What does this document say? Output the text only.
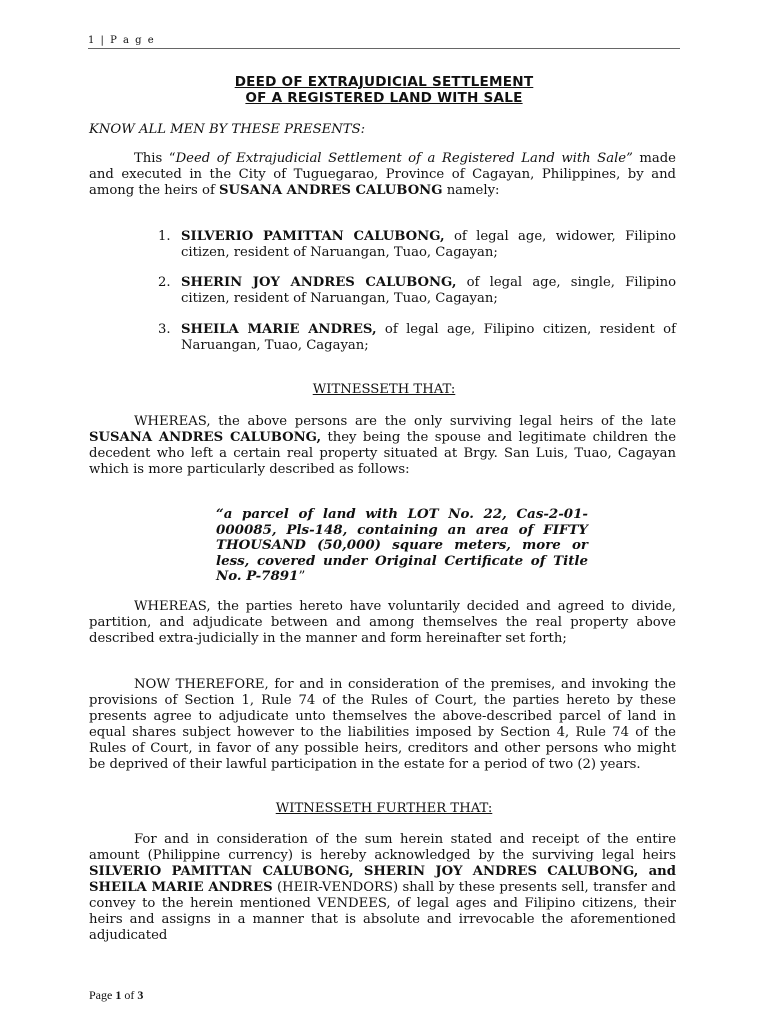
1 | P a g e
DEED OF EXTRAJUDICIAL SETTLEMENT
OF A REGISTERED LAND WITH SALE
KNOW ALL MEN BY THESE PRESENTS:
This “Deed of Extrajudicial Settlement of a Registered Land with Sale” made and executed in the City of Tuguegarao, Province of Cagayan, Philippines, by and among the heirs of SUSANA ANDRES CALUBONG namely:
1. SILVERIO PAMITTAN CALUBONG, of legal age, widower, Filipino citizen, resident of Naruangan, Tuao, Cagayan;
2. SHERIN JOY ANDRES CALUBONG, of legal age, single, Filipino citizen, resident of Naruangan, Tuao, Cagayan;
3. SHEILA MARIE ANDRES, of legal age, Filipino citizen, resident of Naruangan, Tuao, Cagayan;
WITNESSETH THAT:
WHEREAS, the above persons are the only surviving legal heirs of the late SUSANA ANDRES CALUBONG, they being the spouse and legitimate children the decedent who left a certain real property situated at Brgy. San Luis, Tuao, Cagayan which is more particularly described as follows:
“a parcel of land with LOT No. 22, Cas-2-01-000085, Pls-148, containing an area of FIFTY THOUSAND (50,000) square meters, more or less, covered under Original Certificate of Title No. P-7891”
WHEREAS, the parties hereto have voluntarily decided and agreed to divide, partition, and adjudicate between and among themselves the real property above described extra-judicially in the manner and form hereinafter set forth;
NOW THEREFORE, for and in consideration of the premises, and invoking the provisions of Section 1, Rule 74 of the Rules of Court, the parties hereto by these presents agree to adjudicate unto themselves the above-described parcel of land in equal shares subject however to the liabilities imposed by Section 4, Rule 74 of the Rules of Court, in favor of any possible heirs, creditors and other persons who might be deprived of their lawful participation in the estate for a period of two (2) years.
WITNESSETH FURTHER THAT:
For and in consideration of the sum herein stated and receipt of the entire amount (Philippine currency) is hereby acknowledged by the surviving legal heirs SILVERIO PAMITTAN CALUBONG, SHERIN JOY ANDRES CALUBONG, and SHEILA MARIE ANDRES (HEIR-VENDORS) shall by these presents sell, transfer and convey to the herein mentioned VENDEES, of legal ages and Filipino citizens, their heirs and assigns in a manner that is absolute and irrevocable the aforementioned adjudicated
Page 1 of 3
